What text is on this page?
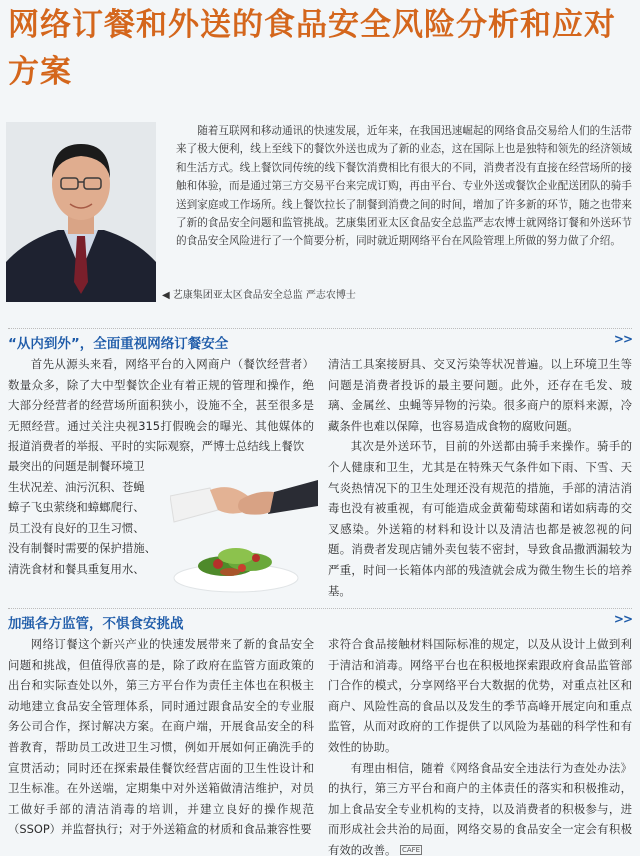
网络订餐和外送的食品安全风险分析和应对方案

随着互联网和移动通讯的快速发展，近年来，在我国迅速崛起的网络食品交易给人们的生活带来了极大便利，线上至线下的餐饮外送也成为了新的业态，这在国际上也是独特和领先的经济领域和生活方式。线上餐饮同传统的线下餐饮消费相比有很大的不同，消费者没有直接在经营场所的接触和体验，而是通过第三方交易平台来完成订购，再由平台、专业外送或餐饮企业配送团队的骑手送到家庭或工作场所。线上餐饮拉长了制餐到消费之间的时间，增加了许多新的环节，随之也带来了新的食品安全问题和监管挑战。艺康集团亚太区食品安全总监严志农博士就网络订餐和外送环节的食品安全风险进行了一个简要分析，同时就近期网络平台在风险管理上所做的努力做了介绍。

◀ 艺康集团亚太区食品安全总监 严志农博士
“从内到外”，全面重视网络订餐安全	>>

首先从源头来看，网络平台的入网商户（餐饮经营者）数量众多，除了大中型餐饮企业有着正规的管理和操作，绝大部分经营者的经营场所面积狭小，设施不全，甚至很多是无照经营。通过关注央视315打假晚会的曝光、其他媒体的报道消费者的举报、平时的实际观察，严博士总结线上餐饮

最突出的问题是制餐环境卫

生状况差、油污沉积、苍蝇

蟑子飞虫萦绕和蟑螂爬行、

员工没有良好的卫生习惯、

没有制餐时需要的保护措施、

清洗食材和餐具重复用水、

清洁工具案接厨具、交叉污染等状况普遍。以上环境卫生等问题是消费者投诉的最主要问题。此外，还存在毛发、玻璃、金属丝、虫蝇等异物的污染。很多商户的原料来源，冷藏条件也难以保障，也容易造成食物的腐败问题。

其次是外送环节，目前的外送都由骑手来操作。骑手的个人健康和卫生，尤其是在特殊天气条件如下雨、下雪、天气炎热情况下的卫生处理还没有规范的措施，手部的清洁消毒也没有被重视，有可能造成金黄葡萄球菌和诺如病毒的交叉感染。外送箱的材料和设计以及清洁也都是被忽视的问题。消费者发现店铺外卖包装不密封，导致食品撒洒漏较为严重，时间一长箱体内部的残渣就会成为微生物生长的培养基。

加强各方监管，不惧食安挑战	>>

网络订餐这个新兴产业的快速发展带来了新的食品安全问题和挑战，但值得欣喜的是，除了政府在监管方面政策的出台和实际查处以外，第三方平台作为责任主体也在积极主动地建立食品安全管理体系，同时通过跟食品安全的专业服务公司合作，探讨解决方案。在商户端，开展食品安全的科普教育，帮助员工改进卫生习惯，例如开展如何正确洗手的宣贯活动；同时还在探索最佳餐饮经营店面的卫生性设计和卫生标准。在外送端，定期集中对外送箱做清洁维护，对员工做好手部的清洁消毒的培训，并建立良好的操作规范（SSOP）并监督执行；对于外送箱盒的材质和食品兼容性要

求符合食品接触材料国际标准的规定，以及从设计上做到利于清洁和消毒。网络平台也在积极地探索跟政府食品监管部门合作的模式，分享网络平台大数据的优势，对重点社区和商户、风险性高的食品以及发生的季节高峰开展定向和重点监管，从而对政府的工作提供了以风险为基础的科学性和有效性的协助。

有理由相信，随着《网络食品安全违法行为查处办法》的执行，第三方平台和商户的主体责任的落实和积极推动，加上食品安全专业机构的支持，以及消费者的积极参与，进而形成社会共治的局面，网络交易的食品安全一定会有积极有效的改善。 CAFE
